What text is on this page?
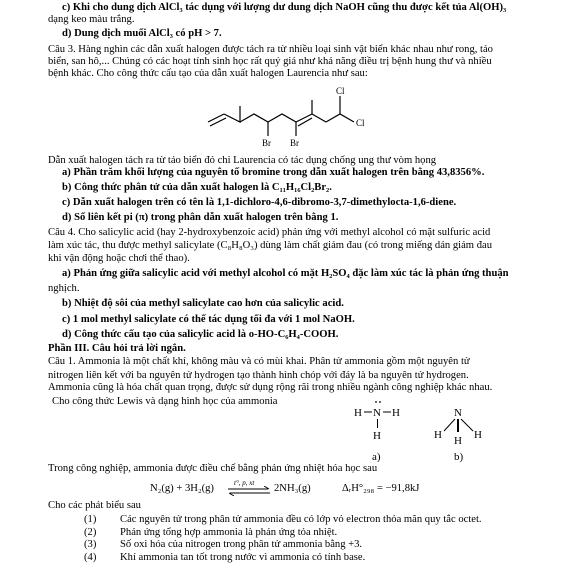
c) Khi cho dung dịch AlCl₃ tác dụng với lượng dư dung dịch NaOH cũng thu được kết tủa Al(OH)₃
dạng keo màu trắng.
d) Dung dịch muối AlCl₃ có pH > 7.
Câu 3. Hàng nghìn các dẫn xuất halogen được tách ra từ nhiều loại sinh vật biển khác nhau như rong, tảo
biển, san hô,... Chúng có các hoạt tính sinh học rất quý giá như khả năng điều trị bệnh hung thư và nhiều
bệnh khác. Cho công thức cấu tạo của dẫn xuất halogen Laurencia như sau:
Dẫn xuất halogen tách ra từ tảo biển đỏ chi Laurencia có tác dụng chống ung thư vòm họng
a) Phần trăm khối lượng của nguyên tố bromine trong dẫn xuất halogen trên bằng 43,8356%.
b) Công thức phân tử của dẫn xuất halogen là C₁₁H₁₆Cl₂Br₂.
c) Dẫn xuất halogen trên có tên là 1,1-dichloro-4,6-dibromo-3,7-dimethylocta-1,6-diene.
d) Số liên kết pi (π) trong phân dẫn xuất halogen trên bằng 1.
Câu 4. Cho salicylic acid (hay 2-hydroxybenzoic acid) phản ứng với methyl alcohol có mặt sulfuric acid
làm xúc tác, thu được methyl salicylate (C₈H₈O₃) dùng làm chất giảm đau (có trong miếng dán giảm đau
khi vận động hoặc chơi thể thao).
a) Phản ứng giữa salicylic acid với methyl alcohol có mặt H₂SO₄ đặc làm xúc tác là phản ứng thuận
nghịch.
b) Nhiệt độ sôi của methyl salicylate cao hơn của salicylic acid.
c) 1 mol methyl salicylate có thể tác dụng tối đa với 1 mol NaOH.
d) Công thức cấu tạo của salicylic acid là o-HO-C₆H₄-COOH.
Phần III. Câu hỏi trả lời ngắn.
Câu 1. Ammonia là một chất khí, không màu và có mùi khai. Phân tử ammonia gồm một nguyên tử
nitrogen liên kết với ba nguyên tử hydrogen tạo thành hình chóp với đáy là ba nguyên tử hydrogen.
Ammonia cũng là hóa chất quan trọng, được sử dụng rộng rãi trong nhiều ngành công nghiệp khác nhau.
Cho công thức Lewis và dạng hình học của ammonia
Trong công nghiệp, ammonia được điều chế bằng phản ứng nhiệt hóa học sau
Cho các phát biểu sau
Cl
Cl
Br Br
H N H
H
a)
N
H	H
H
b)
N₂(g) + 3H₂(g)	t°, p, xt 2NH₃(g)	ΔᵣH°₂₉₈ = −91,8kJ
(1) Các nguyên tử trong phân tử ammonia đều có lớp vỏ electron thỏa mãn quy tắc octet.
(2) Phản ứng tổng hợp ammonia là phản ứng tỏa nhiệt.
(3) Số oxi hóa của nitrogen trong phân tử ammonia bằng +3.
(4) Khí ammonia tan tốt trong nước vì ammonia có tính base.
